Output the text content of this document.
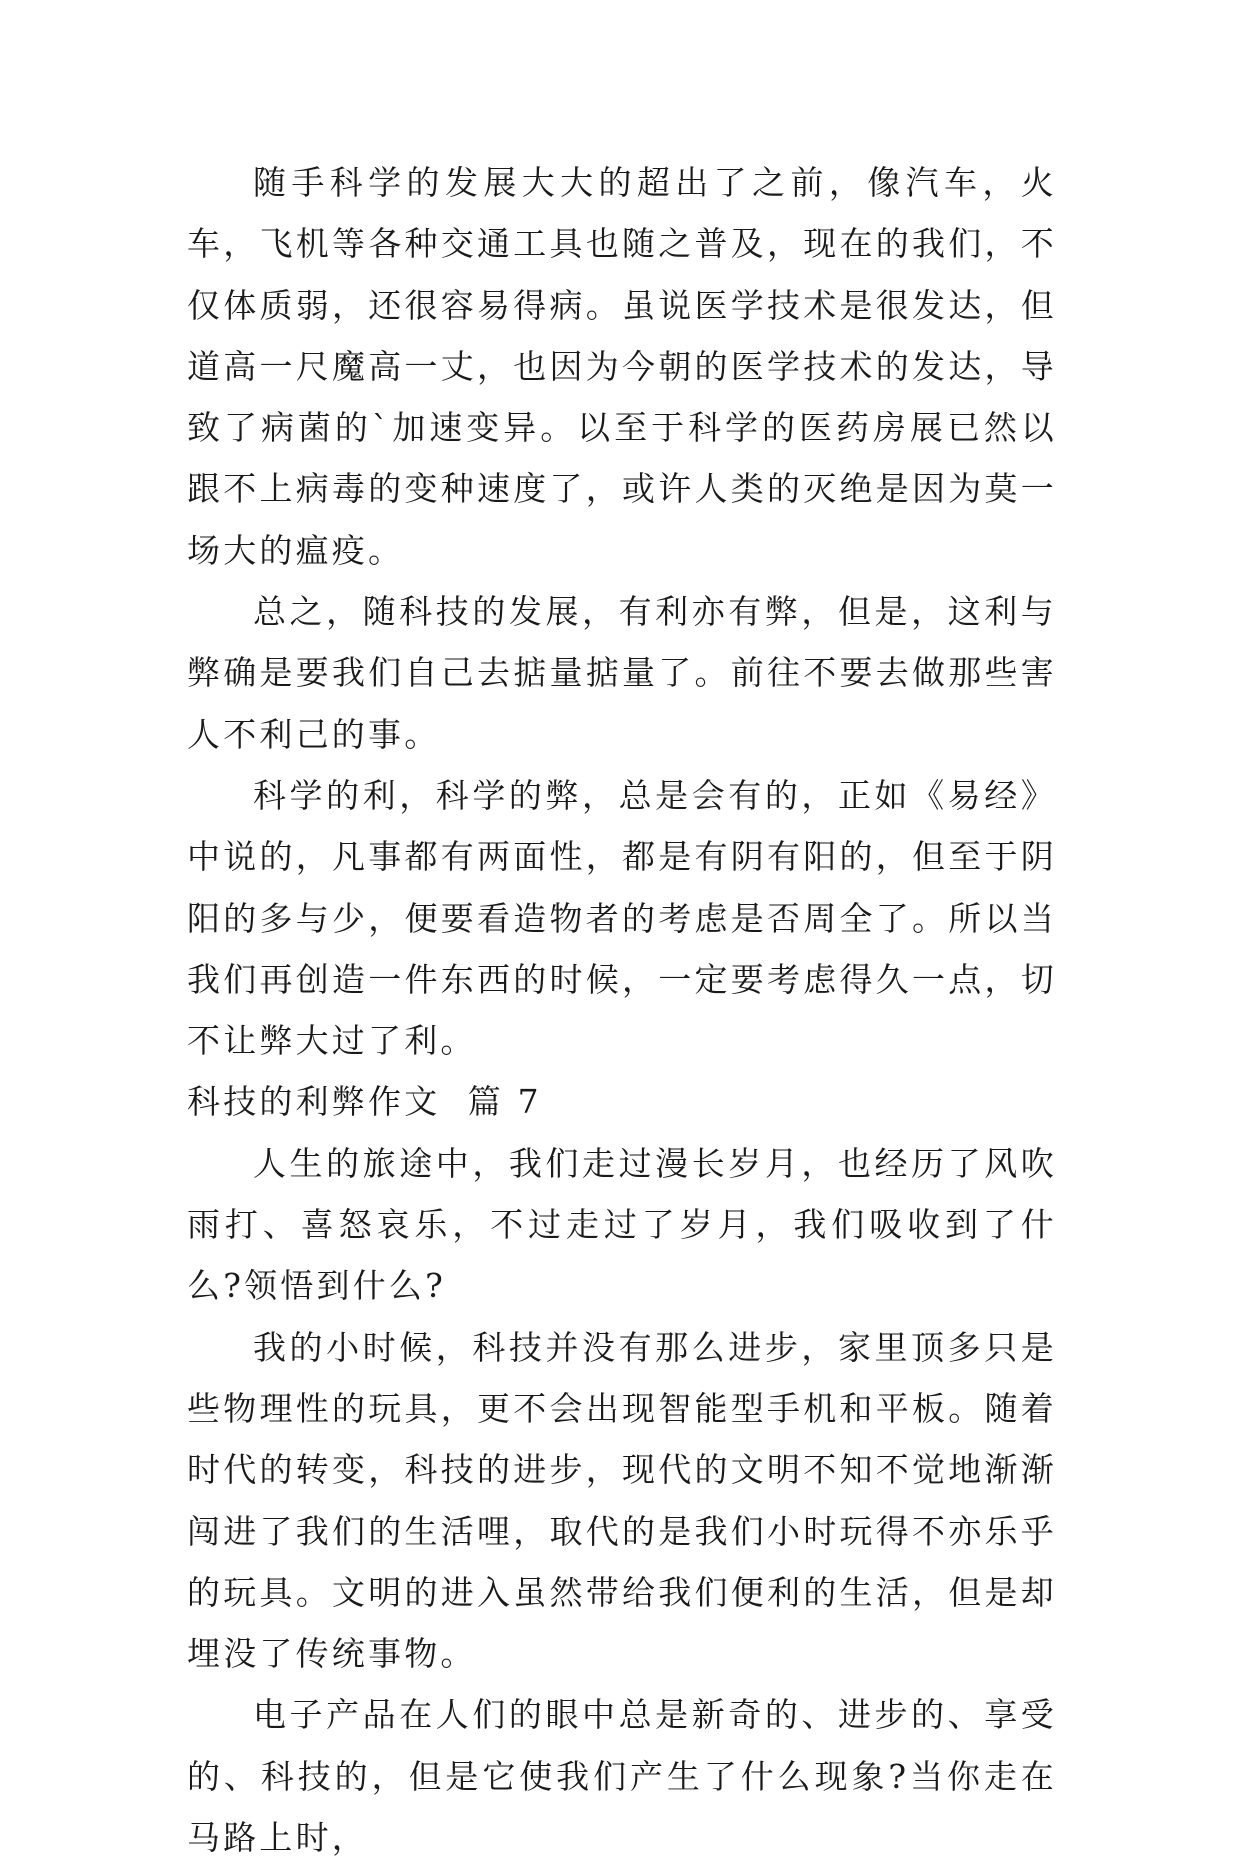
随手科学的发展大大的超出了之前，像汽车，火车，飞机等各种交通工具也随之普及，现在的我们，不仅体质弱，还很容易得病。虽说医学技术是很发达，但道高一尺魔高一丈，也因为今朝的医学技术的发达，导致了病菌的`加速变异。以至于科学的医药房展已然以跟不上病毒的变种速度了，或许人类的灭绝是因为莫一场大的瘟疫。

总之，随科技的发展，有利亦有弊，但是，这利与弊确是要我们自己去掂量掂量了。前往不要去做那些害人不利己的事。

科学的利，科学的弊，总是会有的，正如《易经》中说的，凡事都有两面性，都是有阴有阳的，但至于阴阳的多与少，便要看造物者的考虑是否周全了。所以当我们再创造一件东西的时候，一定要考虑得久一点，切不让弊大过了利。

科技的利弊作文  篇 7

人生的旅途中，我们走过漫长岁月，也经历了风吹雨打、喜怒哀乐，不过走过了岁月，我们吸收到了什么?领悟到什么?

我的小时候，科技并没有那么进步，家里顶多只是些物理性的玩具，更不会出现智能型手机和平板。随着时代的转变，科技的进步，现代的文明不知不觉地渐渐闯进了我们的生活哩，取代的是我们小时玩得不亦乐乎的玩具。文明的进入虽然带给我们便利的生活，但是却埋没了传统事物。

电子产品在人们的眼中总是新奇的、进步的、享受的、科技的，但是它使我们产生了什么现象?当你走在马路上时，
